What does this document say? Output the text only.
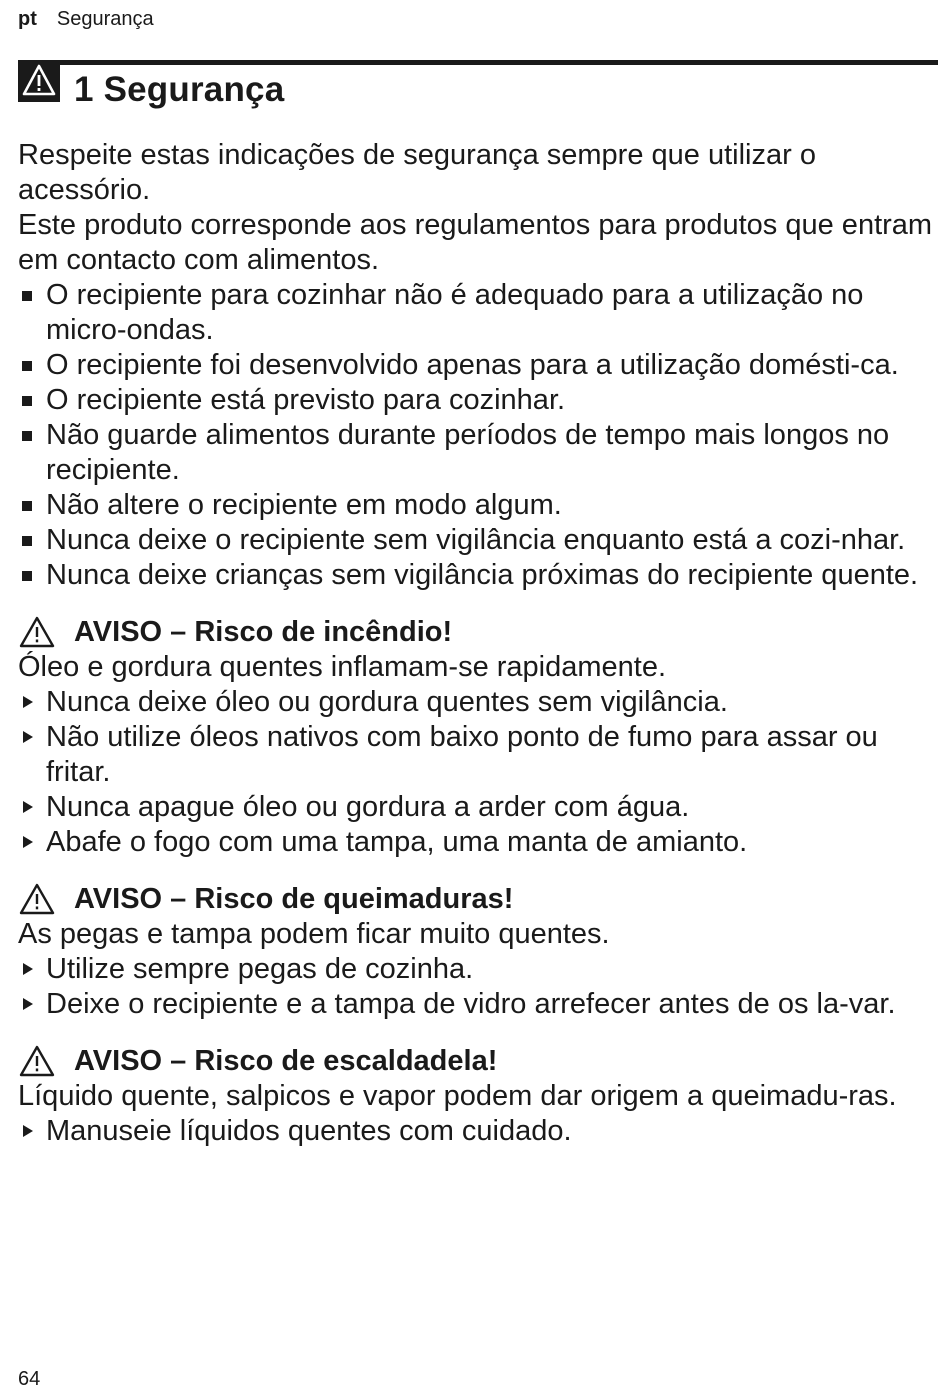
pt Segurança
1 Segurança

Respeite estas indicações de segurança sempre que utilizar o acessório.

Este produto corresponde aos regulamentos para produtos que entram em contacto com alimentos.

O recipiente para cozinhar não é adequado para a utilização no micro-ondas.
O recipiente foi desenvolvido apenas para a utilização domésti-ca.
O recipiente está previsto para cozinhar.
Não guarde alimentos durante períodos de tempo mais longos no recipiente.
Não altere o recipiente em modo algum.
Nunca deixe o recipiente sem vigilância enquanto está a cozi-nhar.
Nunca deixe crianças sem vigilância próximas do recipiente quente.
AVISO – Risco de incêndio!

Óleo e gordura quentes inflamam-se rapidamente.

Nunca deixe óleo ou gordura quentes sem vigilância.
Não utilize óleos nativos com baixo ponto de fumo para assar ou fritar.
Nunca apague óleo ou gordura a arder com água.
Abafe o fogo com uma tampa, uma manta de amianto.
AVISO – Risco de queimaduras!

As pegas e tampa podem ficar muito quentes.

Utilize sempre pegas de cozinha.
Deixe o recipiente e a tampa de vidro arrefecer antes de os la-var.
AVISO – Risco de escaldadela!

Líquido quente, salpicos e vapor podem dar origem a queimadu-ras.

Manuseie líquidos quentes com cuidado.
64
